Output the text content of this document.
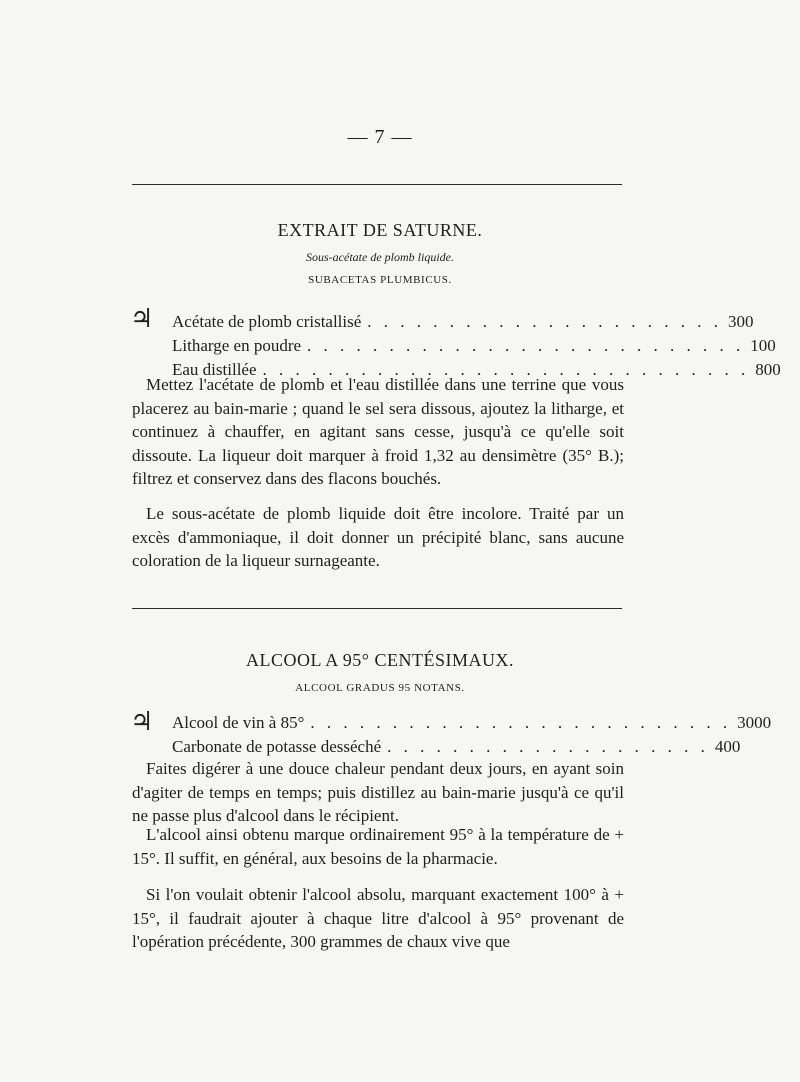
— 7 —
EXTRAIT DE SATURNE.
Sous-acétate de plomb liquide.
SUBACETAS PLUMBICUS.
♃ Acétate de plomb cristallisé . . . . . . . . . . . . . . . . . . . . . . 300
Litharge en poudre . . . . . . . . . . . . . . . . . . . . . . . . . . . 100
Eau distillée . . . . . . . . . . . . . . . . . . . . . . . . . . . . . . 800

Mettez l'acétate de plomb et l'eau distillée dans une terrine que vous placerez au bain-marie ; quand le sel sera dissous, ajoutez la litharge, et continuez à chauffer, en agitant sans cesse, jusqu'à ce qu'elle soit dissoute. La liqueur doit marquer à froid 1,32 au densimètre (35° B.); filtrez et conservez dans des flacons bouchés.

Le sous-acétate de plomb liquide doit être incolore. Traité par un excès d'ammoniaque, il doit donner un précipité blanc, sans aucune coloration de la liqueur surnageante.

ALCOOL A 95° CENTÉSIMAUX.
ALCOOL GRADUS 95 NOTANS.
♃ Alcool de vin à 85° . . . . . . . . . . . . . . . . . . . . . . . . . . 3000
Carbonate de potasse desséché . . . . . . . . . . . . . . . . . . . . 400

Faites digérer à une douce chaleur pendant deux jours, en ayant soin d'agiter de temps en temps; puis distillez au bain-marie jusqu'à ce qu'il ne passe plus d'alcool dans le récipient.

L'alcool ainsi obtenu marque ordinairement 95° à la température de + 15°. Il suffit, en général, aux besoins de la pharmacie.

Si l'on voulait obtenir l'alcool absolu, marquant exactement 100° à + 15°, il faudrait ajouter à chaque litre d'alcool à 95° provenant de l'opération précédente, 300 grammes de chaux vive que
